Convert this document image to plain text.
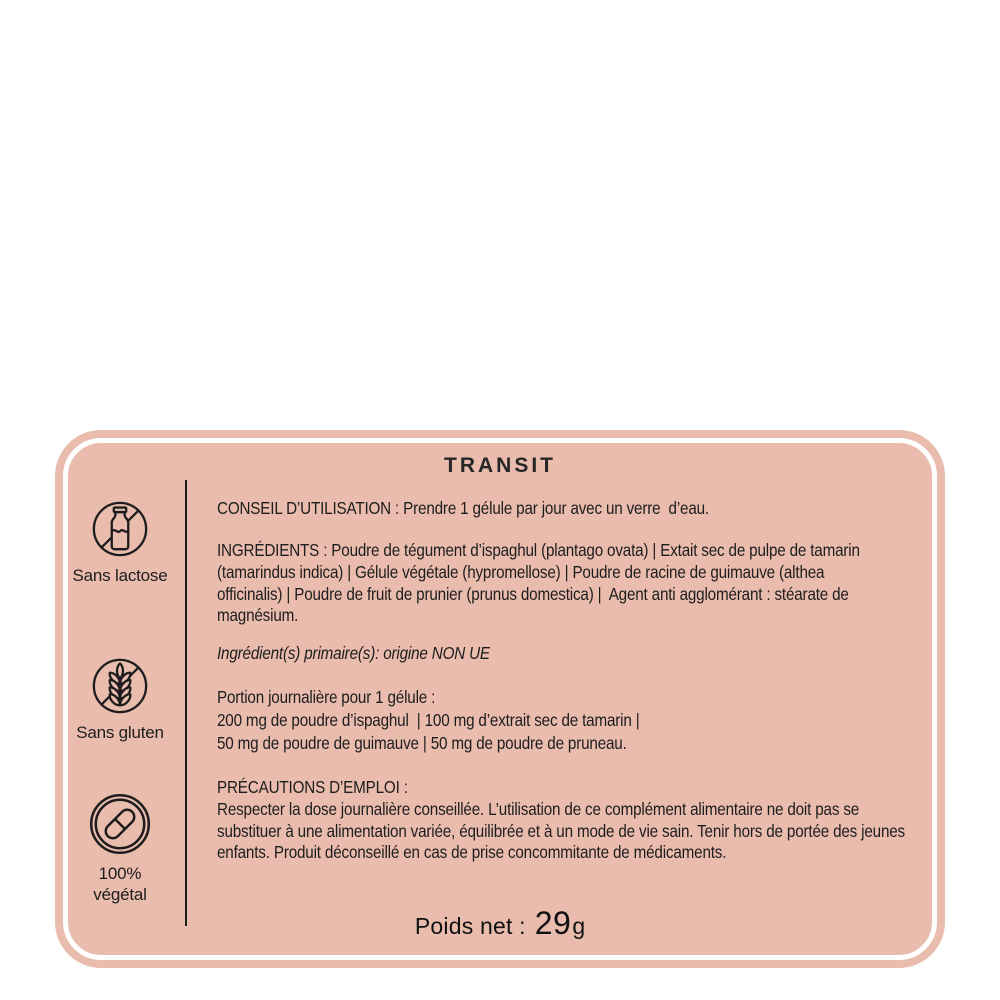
TRANSIT
Sans lactose
Sans gluten
100%
végétal

CONSEIL D’UTILISATION : Prendre 1 gélule par jour avec un verre  d’eau.

INGRÉDIENTS : Poudre de tégument d’ispaghul (plantago ovata) | Extait sec de pulpe de tamarin
(tamarindus indica) | Gélule végétale (hypromellose) | Poudre de racine de guimauve (althea
officinalis) | Poudre de fruit de prunier (prunus domestica) |  Agent anti agglomérant : stéarate de
magnésium.

Ingrédient(s) primaire(s): origine NON UE

Portion journalière pour 1 gélule :
200 mg de poudre d’ispaghul  | 100 mg d’extrait sec de tamarin |
50 mg de poudre de guimauve | 50 mg de poudre de pruneau.

PRÉCAUTIONS D’EMPLOI :
Respecter la dose journalière conseillée. L’utilisation de ce complément alimentaire ne doit pas se
substituer à une alimentation variée, équilibrée et à un mode de vie sain. Tenir hors de portée des jeunes
enfants. Produit déconseillé en cas de prise concommitante de médicaments.

Poids net : 29 g
